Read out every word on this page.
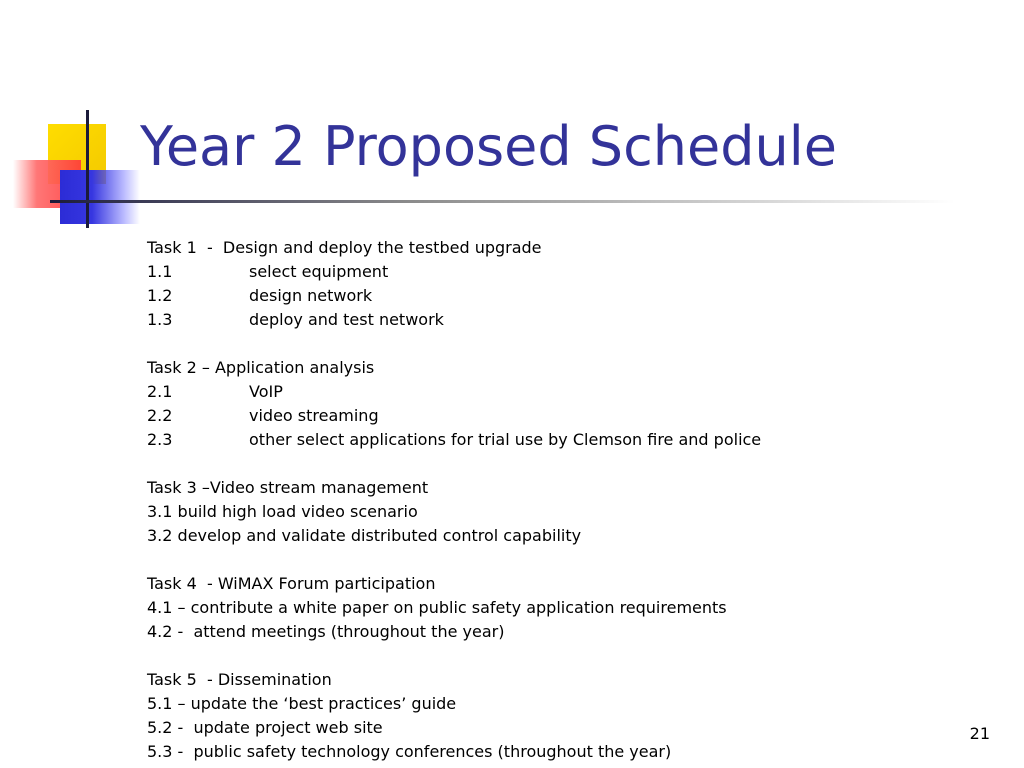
Year 2 Proposed Schedule
Task 1  -  Design and deploy the testbed upgrade
1.1	select equipment
1.2	design network
1.3	deploy and test network
Task 2 – Application analysis
2.1	VoIP
2.2	video streaming
2.3	other select applications for trial use by Clemson fire and police
Task 3 –Video stream management
3.1 build high load video scenario
3.2 develop and validate distributed control capability
Task 4  - WiMAX Forum participation
4.1 – contribute a white paper on public safety application requirements
4.2 -  attend meetings (throughout the year)
Task 5  - Dissemination
5.1 – update the ‘best practices’ guide
5.2 -  update project web site
5.3 -  public safety technology conferences (throughout the year)
21
